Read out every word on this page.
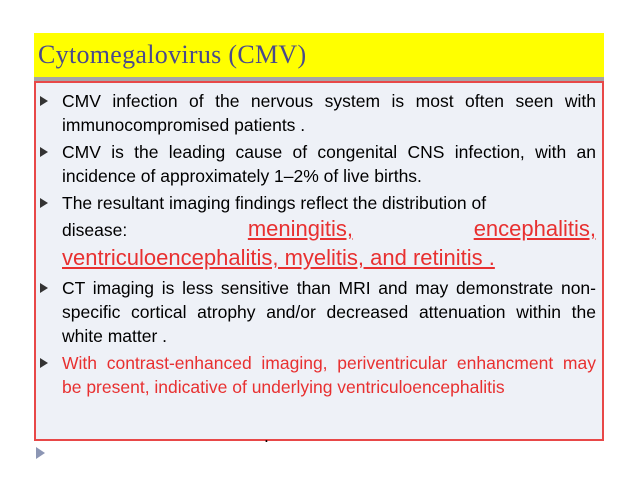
Cytomegalovirus (CMV)
CMV infection of the nervous system is most often seen with immunocompromised patients .
CMV is the leading cause of congenital CNS infection, with an incidence of approximately 1–2% of live births.
The resultant imaging findings reflect the distribution of
disease:	meningitis,	encephalitis,
ventriculoencephalitis, myelitis, and retinitis .
CT imaging is less sensitive than MRI and may demonstrate non-specific cortical atrophy and/or decreased attenuation within the white matter .
With contrast-enhanced imaging, periventricular enhancment may be present, indicative of underlying ventriculoencephalitis
.
